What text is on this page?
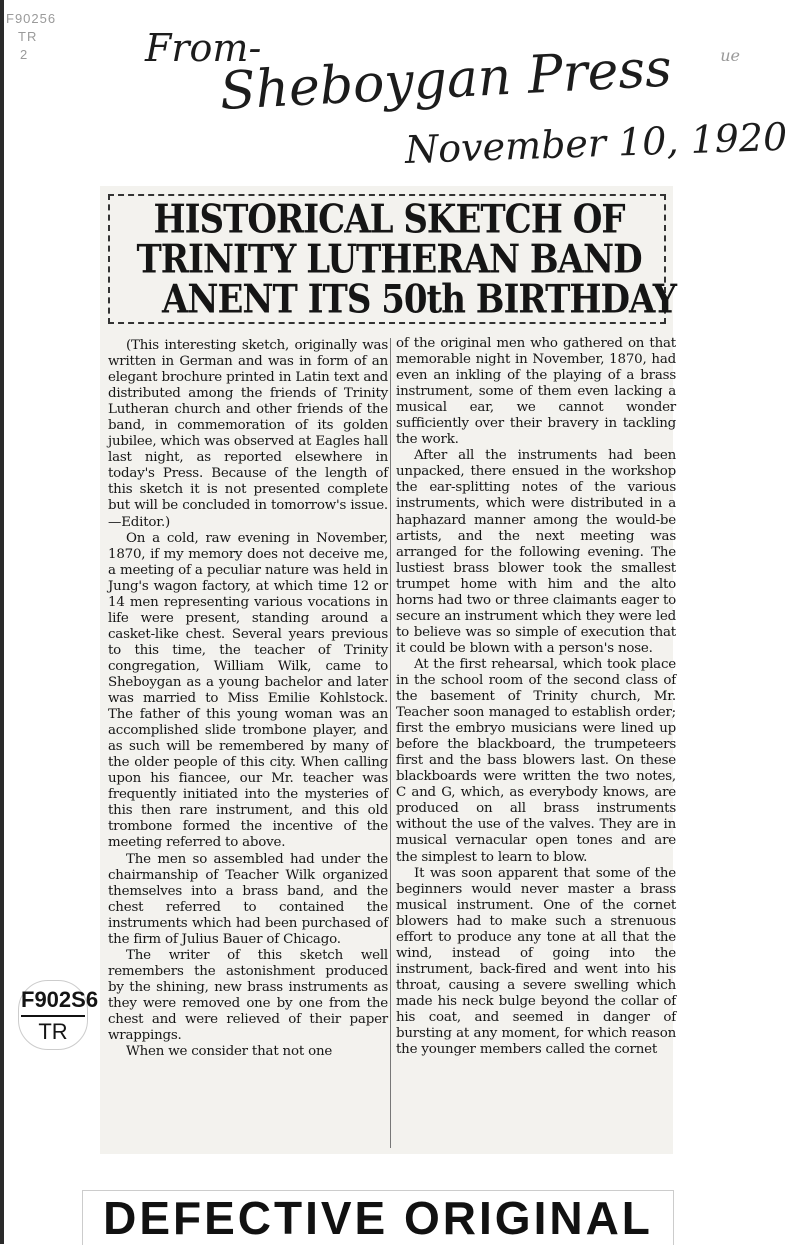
F90256
TR
2	From-
Sheboygan Press
November 10, 1920
ue
F902S6
TR
HISTORICAL SKETCH OF
TRINITY LUTHERAN BAND
ANENT ITS 50th BIRTHDAY

(This interesting sketch, originally was written in German and was in form of an elegant brochure printed in Latin text and distributed among the friends of Trinity Lutheran church and other friends of the band, in commemoration of its golden jubilee, which was observed at Eagles hall last night, as reported elsewhere in today's Press. Because of the length of this sketch it is not presented complete but will be concluded in tomorrow's issue.—Editor.)

On a cold, raw evening in November, 1870, if my memory does not deceive me, a meeting of a peculiar nature was held in Jung's wagon factory, at which time 12 or 14 men representing various vocations in life were present, standing around a casket-like chest. Several years previous to this time, the teacher of Trinity congregation, William Wilk, came to Sheboygan as a young bachelor and later was married to Miss Emilie Kohlstock. The father of this young woman was an accomplished slide trombone player, and as such will be remembered by many of the older people of this city. When calling upon his fiancee, our Mr. teacher was frequently initiated into the mysteries of this then rare instrument, and this old trombone formed the incentive of the meeting referred to above.

The men so assembled had under the chairmanship of Teacher Wilk organized themselves into a brass band, and the chest referred to contained the instruments which had been purchased of the firm of Julius Bauer of Chicago.

The writer of this sketch well remembers the astonishment produced by the shining, new brass instruments as they were removed one by one from the chest and were relieved of their paper wrappings.

When we consider that not one

of the original men who gathered on that memorable night in November, 1870, had even an inkling of the playing of a brass instrument, some of them even lacking a musical ear, we cannot wonder sufficiently over their bravery in tackling the work.

After all the instruments had been unpacked, there ensued in the workshop the ear-splitting notes of the various instruments, which were distributed in a haphazard manner among the would-be artists, and the next meeting was arranged for the following evening. The lustiest brass blower took the smallest trumpet home with him and the alto horns had two or three claimants eager to secure an instrument which they were led to believe was so simple of execution that it could be blown with a person's nose.

At the first rehearsal, which took place in the school room of the second class of the basement of Trinity church, Mr. Teacher soon managed to establish order; first the embryo musicians were lined up before the blackboard, the trumpeteers first and the bass blowers last. On these blackboards were written the two notes, C and G, which, as everybody knows, are produced on all brass instruments without the use of the valves. They are in musical vernacular open tones and are the simplest to learn to blow.

It was soon apparent that some of the beginners would never master a brass musical instrument. One of the cornet blowers had to make such a strenuous effort to produce any tone at all that the wind, instead of going into the instrument, back-fired and went into his throat, causing a severe swelling which made his neck bulge beyond the collar of his coat, and seemed in danger of bursting at any moment, for which reason the younger members called the cornet

DEFECTIVE ORIGINAL
